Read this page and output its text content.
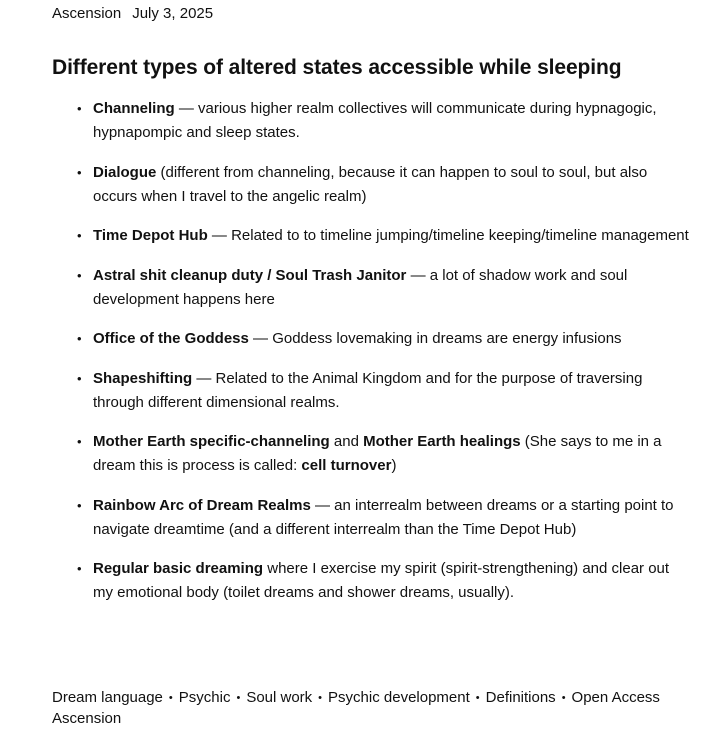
Ascension July 3, 2025
Different types of altered states accessible while sleeping
• Channeling — various higher realm collectives will communicate during hypnagogic, hypnapompic and sleep states.
• Dialogue (different from channeling, because it can happen to soul to soul, but also occurs when I travel to the angelic realm)
• Time Depot Hub — Related to to timeline jumping/timeline keeping/timeline management
• Astral shit cleanup duty / Soul Trash Janitor — a lot of shadow work and soul development happens here
• Office of the Goddess — Goddess lovemaking in dreams are energy infusions
• Shapeshifting — Related to the Animal Kingdom and for the purpose of traversing through different dimensional realms.
• Mother Earth specific-channeling and Mother Earth healings (She says to me in a dream this is process is called: cell turnover)
• Rainbow Arc of Dream Realms — an interrealm between dreams or a starting point to navigate dreamtime (and a different interrealm than the Time Depot Hub)
• Regular basic dreaming where I exercise my spirit (spirit-strengthening) and clear out my emotional body (toilet dreams and shower dreams, usually).
Dream language • Psychic • Soul work • Psychic development • Definitions • Open Access
Ascension
